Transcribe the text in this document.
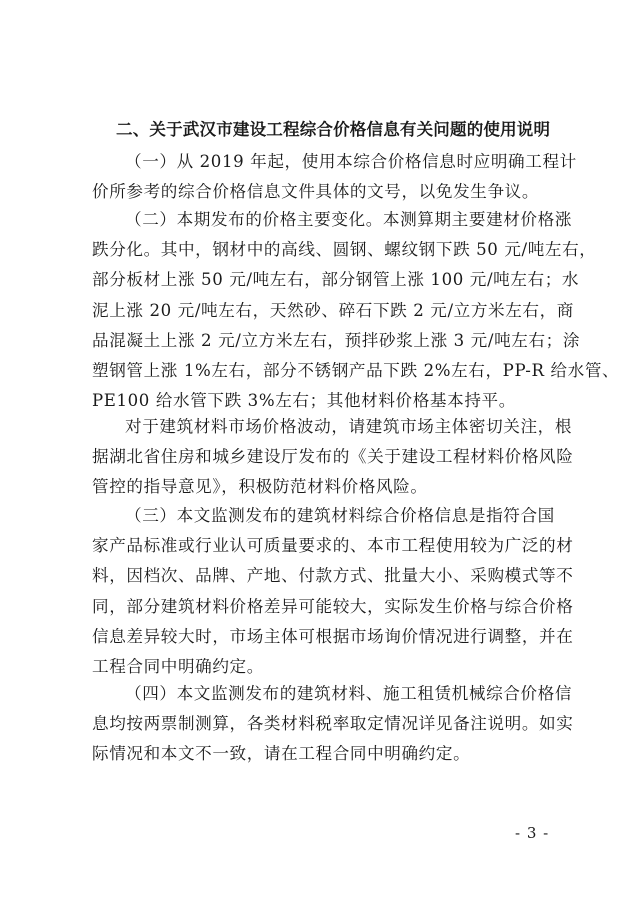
二、关于武汉市建设工程综合价格信息有关问题的使用说明
（一）从 2019 年起，使用本综合价格信息时应明确工程计
价所参考的综合价格信息文件具体的文号，以免发生争议。
（二）本期发布的价格主要变化。本测算期主要建材价格涨
跌分化。其中，钢材中的高线、圆钢、螺纹钢下跌 50 元/吨左右，
部分板材上涨 50 元/吨左右，部分钢管上涨 100 元/吨左右；水
泥上涨 20 元/吨左右，天然砂、碎石下跌 2 元/立方米左右，商
品混凝土上涨 2 元/立方米左右，预拌砂浆上涨 3 元/吨左右；涂
塑钢管上涨 1%左右，部分不锈钢产品下跌 2%左右，PP-R 给水管、
PE100 给水管下跌 3%左右；其他材料价格基本持平。
对于建筑材料市场价格波动，请建筑市场主体密切关注，根
据湖北省住房和城乡建设厅发布的《关于建设工程材料价格风险
管控的指导意见》，积极防范材料价格风险。
（三）本文监测发布的建筑材料综合价格信息是指符合国
家产品标准或行业认可质量要求的、本市工程使用较为广泛的材
料，因档次、品牌、产地、付款方式、批量大小、采购模式等不
同，部分建筑材料价格差异可能较大，实际发生价格与综合价格
信息差异较大时，市场主体可根据市场询价情况进行调整，并在
工程合同中明确约定。
（四）本文监测发布的建筑材料、施工租赁机械综合价格信
息均按两票制测算，各类材料税率取定情况详见备注说明。如实
际情况和本文不一致，请在工程合同中明确约定。
- 3 -
